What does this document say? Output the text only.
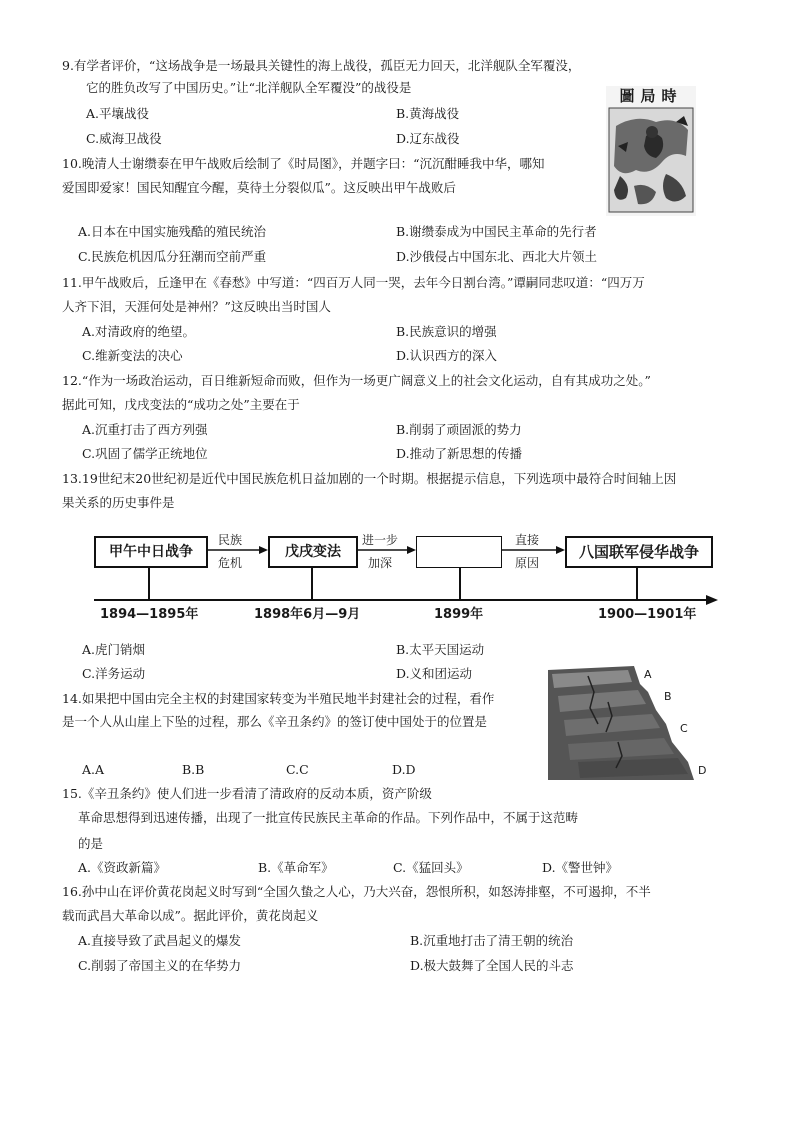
9.有学者评价，“这场战争是一场最具关键性的海上战役，孤臣无力回天，北洋舰队全军覆没，
它的胜负改写了中国历史。”让“北洋舰队全军覆没”的战役是
A.平壤战役	B.黄海战役
C.威海卫战役	D.辽东战役
圖局時
10.晚清人士谢缵泰在甲午战败后绘制了《时局图》，并题字曰：“沉沉酣睡我中华，哪知
爱国即爱家！国民知醒宜今醒，莫待土分裂似瓜”。这反映出甲午战败后
A.日本在中国实施残酷的殖民统治	B.谢缵泰成为中国民主革命的先行者
C.民族危机因瓜分狂潮而空前严重	D.沙俄侵占中国东北、西北大片领土
11.甲午战败后，丘逢甲在《春愁》中写道：“四百万人同一哭，去年今日割台湾。”谭嗣同悲叹道：“四万万
人齐下泪，天涯何处是神州？”这反映出当时国人
A.对清政府的绝望。	B.民族意识的增强
C.维新变法的决心	D.认识西方的深入
12.“作为一场政治运动，百日维新短命而败，但作为一场更广阔意义上的社会文化运动，自有其成功之处。”
据此可知，戊戌变法的“成功之处”主要在于
A.沉重打击了西方列强	B.削弱了顽固派的势力
C.巩固了儒学正统地位	D.推动了新思想的传播
13.19世纪末20世纪初是近代中国民族危机日益加剧的一个时期。根据提示信息，下列选项中最符合时间轴上因
果关系的历史事件是
甲午中日战争	戊戌变法	八国联军侵华战争
民族
危机
进一步
加深
直接
原因
1894—1895年	1898年6月—9月	1899年	1900—1901年
A.虎门销烟	B.太平天国运动
C.洋务运动	D.义和团运动	A
B
C
D
14.如果把中国由完全主权的封建国家转变为半殖民地半封建社会的过程，看作
是一个人从山崖上下坠的过程，那么《辛丑条约》的签订使中国处于的位置是
A.A	B.B	C.C	D.D
15.《辛丑条约》使人们进一步看清了清政府的反动本质，资产阶级
革命思想得到迅速传播，出现了一批宣传民族民主革命的作品。下列作品中，不属于这范畴
的是
A.《资政新篇》	B.《革命军》	C.《猛回头》	D.《警世钟》
16.孙中山在评价黄花岗起义时写到“全国久蛰之人心，乃大兴奋，怨恨所积，如怒涛排壑，不可遏抑，不半
载而武昌大革命以成”。据此评价，黄花岗起义
A.直接导致了武昌起义的爆发	B.沉重地打击了清王朝的统治
C.削弱了帝国主义的在华势力	D.极大鼓舞了全国人民的斗志
